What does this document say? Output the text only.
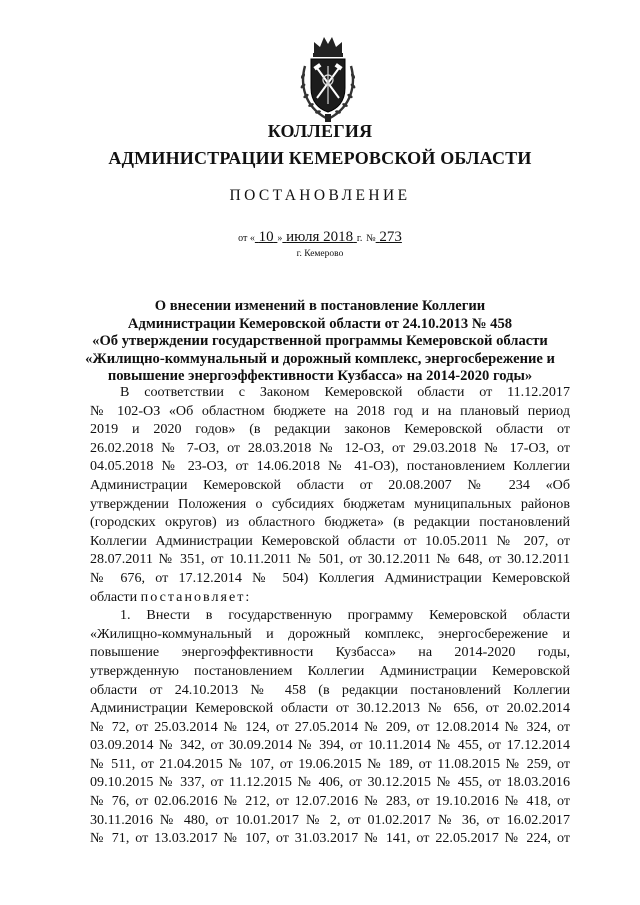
КОЛЛЕГИЯ
АДМИНИСТРАЦИИ КЕМЕРОВСКОЙ ОБЛАСТИ
ПОСТАНОВЛЕНИЕ
от « 10 » июля 2018 г. № 273
г. Кемерово
О внесении изменений в постановление Коллегии
Администрации Кемеровской области от 24.10.2013 № 458
«Об утверждении государственной программы Кемеровской области
«Жилищно-коммунальный и дорожный комплекс, энергосбережение и
повышение энергоэффективности Кузбасса» на 2014-2020 годы»
В соответствии с Законом Кемеровской области от 11.12.2017
№ 102-ОЗ «Об областном бюджете на 2018 год и на плановый период
2019 и 2020 годов» (в редакции законов Кемеровской области от
26.02.2018 № 7-ОЗ, от 28.03.2018 № 12-ОЗ, от 29.03.2018 № 17-ОЗ, от
04.05.2018 № 23-ОЗ, от 14.06.2018 № 41-ОЗ), постановлением Коллегии
Администрации Кемеровской области от 20.08.2007 № 234 «Об
утверждении Положения о субсидиях бюджетам муниципальных районов
(городских округов) из областного бюджета» (в редакции постановлений
Коллегии Администрации Кемеровской области от 10.05.2011 № 207, от
28.07.2011 № 351, от 10.11.2011 № 501, от 30.12.2011 № 648, от 30.12.2011
№ 676, от 17.12.2014 № 504) Коллегия Администрации Кемеровской
области постановляет:
1. Внести в государственную программу Кемеровской области
«Жилищно-коммунальный и дорожный комплекс, энергосбережение и
повышение энергоэффективности Кузбасса» на 2014-2020 годы,
утвержденную постановлением Коллегии Администрации Кемеровской
области от 24.10.2013 № 458 (в редакции постановлений Коллегии
Администрации Кемеровской области от 30.12.2013 № 656, от 20.02.2014
№ 72, от 25.03.2014 № 124, от 27.05.2014 № 209, от 12.08.2014 № 324, от
03.09.2014 № 342, от 30.09.2014 № 394, от 10.11.2014 № 455, от 17.12.2014
№ 511, от 21.04.2015 № 107, от 19.06.2015 № 189, от 11.08.2015 № 259, от
09.10.2015 № 337, от 11.12.2015 № 406, от 30.12.2015 № 455, от 18.03.2016
№ 76, от 02.06.2016 № 212, от 12.07.2016 № 283, от 19.10.2016 № 418, от
30.11.2016 № 480, от 10.01.2017 № 2, от 01.02.2017 № 36, от 16.02.2017
№ 71, от 13.03.2017 № 107, от 31.03.2017 № 141, от 22.05.2017 № 224, от
